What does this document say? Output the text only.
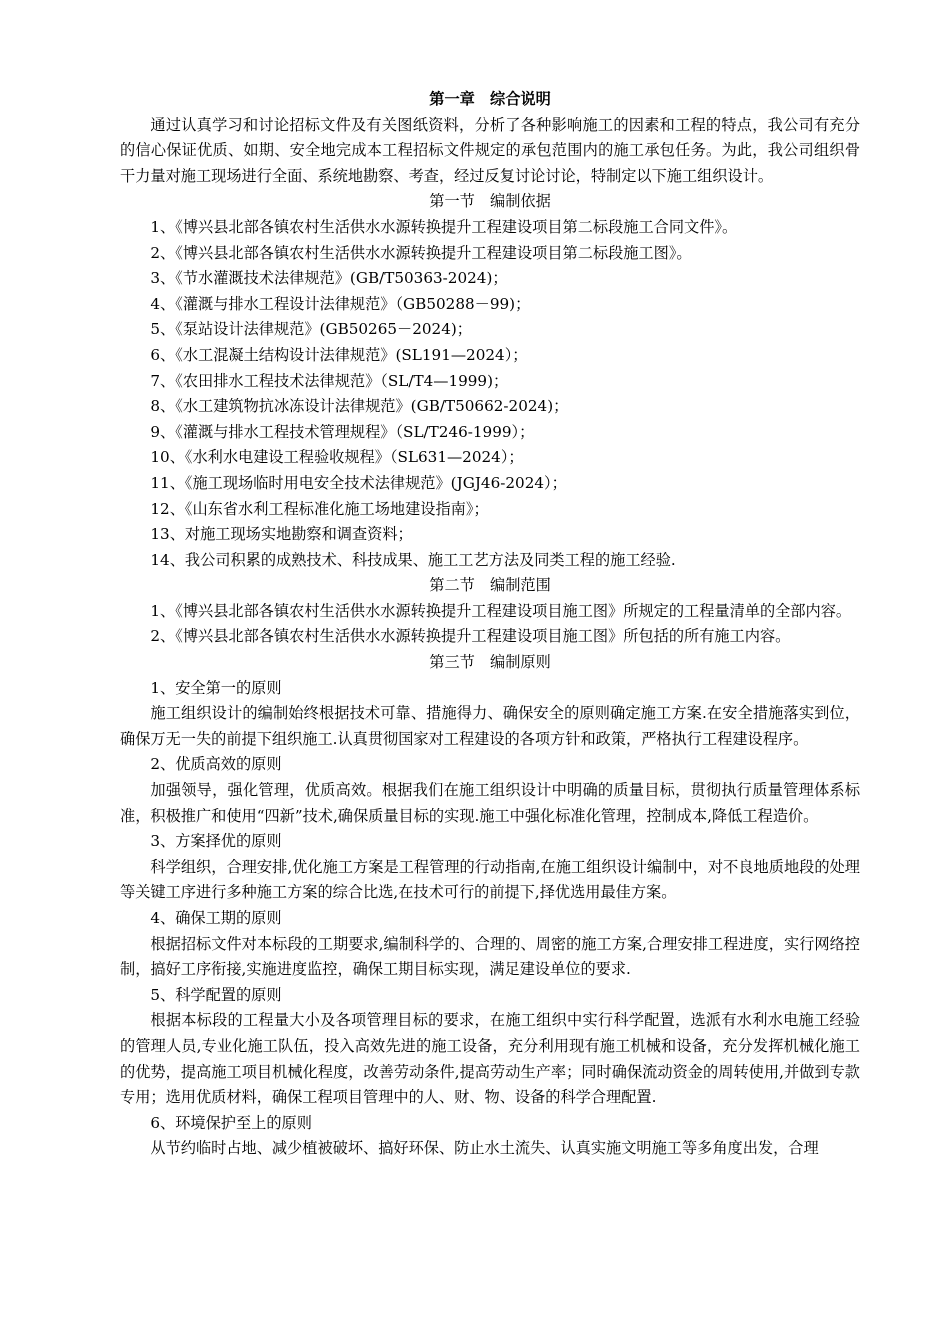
第一章　综合说明

通过认真学习和讨论招标文件及有关图纸资料，分析了各种影响施工的因素和工程的特点，我公司有充分的信心保证优质、如期、安全地完成本工程招标文件规定的承包范围内的施工承包任务。为此，我公司组织骨干力量对施工现场进行全面、系统地勘察、考查，经过反复讨论讨论，特制定以下施工组织设计。

第一节　编制依据
1、《博兴县北部各镇农村生活供水水源转换提升工程建设项目第二标段施工合同文件》。
2、《博兴县北部各镇农村生活供水水源转换提升工程建设项目第二标段施工图》。
3、《节水灌溉技术法律规范》(GB/T50363-2024)；
4、《灌溉与排水工程设计法律规范》（GB50288－99)；
5、《泵站设计法律规范》(GB50265－2024)；
6、《水工混凝土结构设计法律规范》(SL191—2024）；
7、《农田排水工程技术法律规范》（SL/T4—1999)；
8、《水工建筑物抗冰冻设计法律规范》(GB/T50662-2024)；
9、《灌溉与排水工程技术管理规程》（SL/T246-1999）；
10、《水利水电建设工程验收规程》（SL631—2024）；
11、《施工现场临时用电安全技术法律规范》(JGJ46-2024）；
12、《山东省水利工程标准化施工场地建设指南》；
13、对施工现场实地勘察和调查资料；
14、我公司积累的成熟技术、科技成果、施工工艺方法及同类工程的施工经验.
第二节　编制范围

1、《博兴县北部各镇农村生活供水水源转换提升工程建设项目施工图》所规定的工程量清单的全部内容。

2、《博兴县北部各镇农村生活供水水源转换提升工程建设项目施工图》所包括的所有施工内容。
第三节　编制原则
1、安全第一的原则

施工组织设计的编制始终根据技术可靠、措施得力、确保安全的原则确定施工方案.在安全措施落实到位，确保万无一失的前提下组织施工.认真贯彻国家对工程建设的各项方针和政策，严格执行工程建设程序。

2、优质高效的原则

加强领导，强化管理，优质高效。根据我们在施工组织设计中明确的质量目标，贯彻执行质量管理体系标准，积极推广和使用“四新”技术,确保质量目标的实现.施工中强化标准化管理，控制成本,降低工程造价。

3、方案择优的原则

科学组织，合理安排,优化施工方案是工程管理的行动指南,在施工组织设计编制中，对不良地质地段的处理等关键工序进行多种施工方案的综合比选,在技术可行的前提下,择优选用最佳方案。

4、确保工期的原则

根据招标文件对本标段的工期要求,编制科学的、合理的、周密的施工方案,合理安排工程进度，实行网络控制，搞好工序衔接,实施进度监控，确保工期目标实现，满足建设单位的要求.

5、科学配置的原则

根据本标段的工程量大小及各项管理目标的要求，在施工组织中实行科学配置，选派有水利水电施工经验的管理人员,专业化施工队伍，投入高效先进的施工设备，充分利用现有施工机械和设备，充分发挥机械化施工的优势，提高施工项目机械化程度，改善劳动条件,提高劳动生产率；同时确保流动资金的周转使用,并做到专款专用；选用优质材料，确保工程项目管理中的人、财、物、设备的科学合理配置.

6、环境保护至上的原则

从节约临时占地、减少植被破坏、搞好环保、防止水土流失、认真实施文明施工等多角度出发，合理
